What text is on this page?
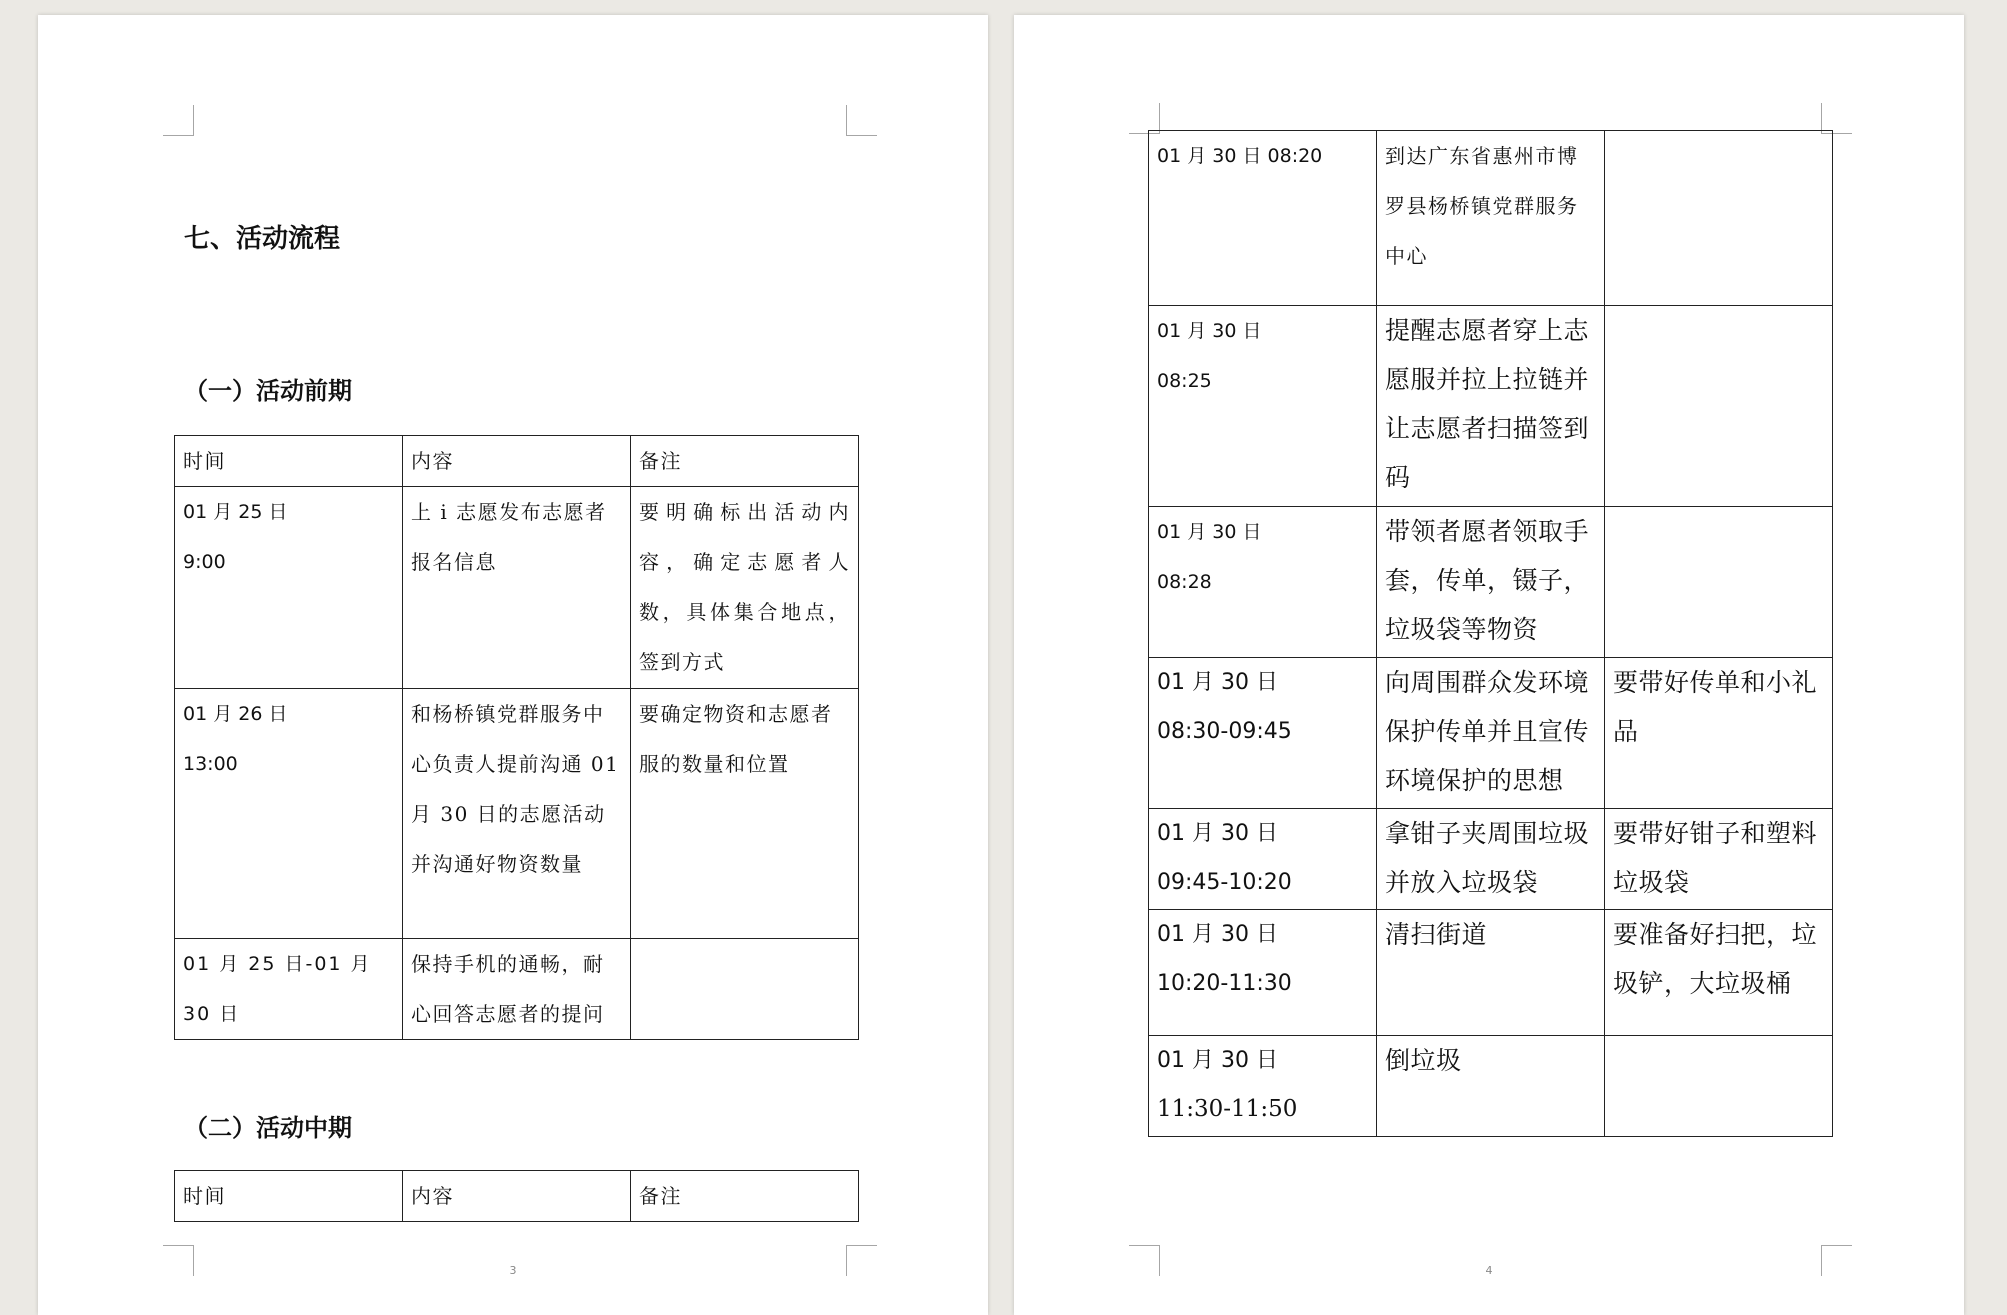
七、活动流程
（一）活动前期
时间	内容	备注

01 月 25 日
9:00	上 i 志愿发布志愿者报名信息	要明确标出活动内容，确定志愿者人数，具体集合地点，签到方式

01 月 26 日
13:00	和杨桥镇党群服务中心负责人提前沟通 01 月 30 日的志愿活动并沟通好物资数量	要确定物资和志愿者服的数量和位置
01 月 25 日-01 月 30 日	保持手机的通畅，耐心回答志愿者的提问	
（二）活动中期
时间	内容	备注
3
01 月 30 日 08:20	到达广东省惠州市博罗县杨桥镇党群服务中心	

01 月 30 日
08:25	提醒志愿者穿上志愿服并拉上拉链并让志愿者扫描签到码	

01 月 30 日
08:28	带领者愿者领取手套，传单，镊子，垃圾袋等物资	

01 月 30 日
08:30-09:45	向周围群众发环境保护传单并且宣传环境保护的思想	要带好传单和小礼品

01 月 30 日
09:45-10:20	拿钳子夹周围垃圾并放入垃圾袋	要带好钳子和塑料垃圾袋

01 月 30 日
10:20-11:30	清扫街道	要准备好扫把，垃圾铲，大垃圾桶

01 月 30 日
11:30-11:50	倒垃圾	
4
